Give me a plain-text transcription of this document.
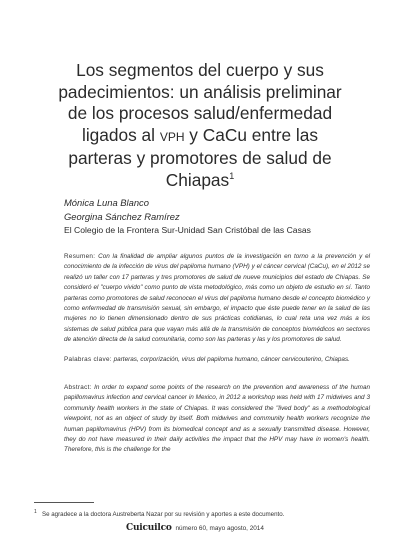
Los segmentos del cuerpo y sus
padecimientos: un análisis preliminar
de los procesos salud/enfermedad
ligados al VPH y CaCu entre las
parteras y promotores de salud de
Chiapas$^1$
Mónica Luna Blanco
Georgina Sánchez Ramírez
El Colegio de la Frontera Sur-Unidad San Cristóbal de las Casas

Resumen: Con la finalidad de ampliar algunos puntos de la investigación en torno a la prevención y el conocimiento de la infección de virus del papiloma humano (VPH) y el cáncer cervical (CaCu), en el 2012 se realizó un taller con 17 parteras y tres promotores de salud de nueve municipios del estado de Chiapas. Se consideró el "cuerpo vivido" como punto de vista metodológico, más como un objeto de estudio en sí. Tanto parteras como promotores de salud reconocen el virus del papiloma humano desde el concepto biomédico y como enfermedad de transmisión sexual, sin embargo, el impacto que éste puede tener en la salud de las mujeres no lo tienen dimensionado dentro de sus prácticas cotidianas, lo cual reta una vez más a los sistemas de salud pública para que vayan más allá de la transmisión de conceptos biomédicos en sectores de atención directa de la salud comunitaria, como son las parteras y las y los promotores de salud.

Palabras clave: parteras, corporización, virus del papiloma humano, cáncer cervicouterino, Chiapas.

Abstract: In order to expand some points of the research on the prevention and awareness of the human papillomavirus infection and cervical cancer in Mexico, in 2012 a workshop was held with 17 midwives and 3 community health workers in the state of Chiapas. It was considered the "lived body" as a methodological viewpoint, not as an object of study by itself. Both midwives and community health workers recognize the human papillomavirus (HPV) from its biomedical concept and as a sexually transmitted disease. However, they do not have measured in their daily activities the impact that the HPV may have in women's health. Therefore, this is the challenge for the

$^1$ Se agradece a la doctora Austreberta Nazar por su revisión y aportes a este documento.
Cuicuilco número 60, mayo agosto, 2014
